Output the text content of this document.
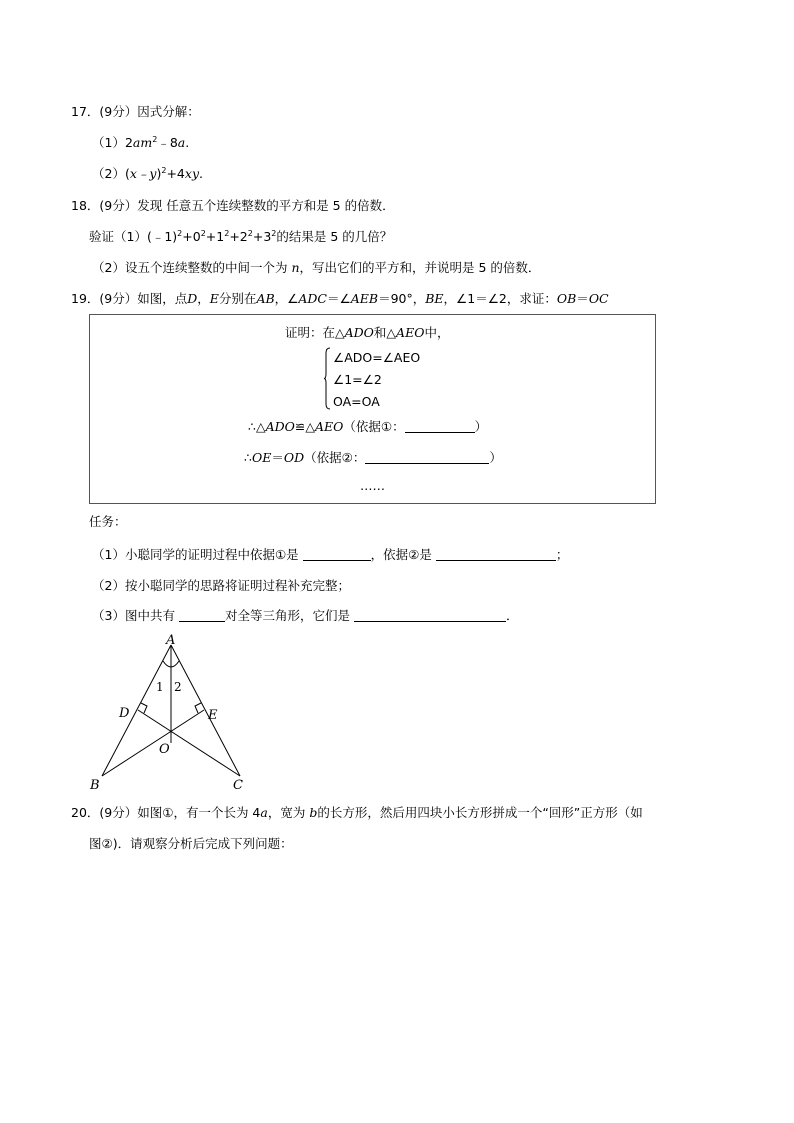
17．(9分）因式分解：
$(1)2am^2﹣8a$.
（2）(x﹣y)$^2$+4xy.
18．(9分）发现 任意五个连续整数的平方和是 5 的倍数．
验证$(1)(﹣1)^2+0^2+1^2+2^2+3^2$的结果是 5 的几倍？
（2）设五个连续整数的中间一个为 n，写出它们的平方和，并说明是 5 的倍数．
19．(9分）如图，点D，E分别在AB，∠ADC＝∠AEB＝90°，BE，∠1＝∠2，求证：OB＝OC
证明：在△ADO和△AEO中，
∠ADO=∠AEO
∠1=∠2
OA=OA
∴△ADO≌△AEO（依据①：	）
∴OE＝OD（依据②：	）
……
任务：
（1）小聪同学的证明过程中依据①是	，依据②是	；
（2）按小聪同学的思路将证明过程补充完整；
（3）图中共有	对全等三角形，它们是	．
A
D	E
O
B	C
1 2
20．(9分）如图①，有一个长为 4a，宽为 b的长方形，然后用四块小长方形拼成一个“回形”正方形（如
图②)．请观察分析后完成下列问题：
